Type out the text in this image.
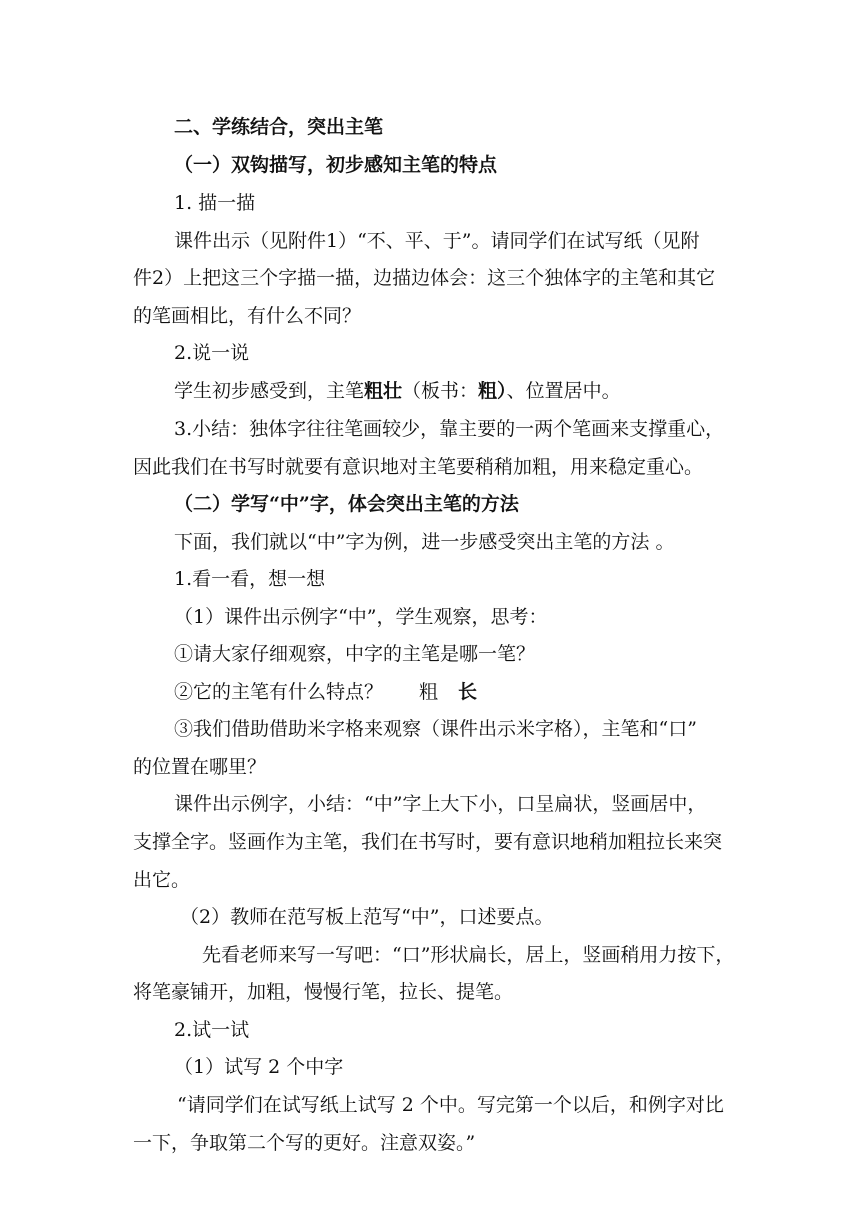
二、学练结合，突出主笔

（一）双钩描写，初步感知主笔的特点

1. 描一描

课件出示（见附件1）“不、平、于”。请同学们在试写纸（见附

件2）上把这三个字描一描，边描边体会：这三个独体字的主笔和其它

的笔画相比，有什么不同？

2.说一说

学生初步感受到，主笔粗壮（板书：粗）、位置居中。

3.小结：独体字往往笔画较少，靠主要的一两个笔画来支撑重心，

因此我们在书写时就要有意识地对主笔要稍稍加粗，用来稳定重心。

（二）学写“中”字，体会突出主笔的方法

下面，我们就以“中”字为例，进一步感受突出主笔的方法 。

1.看一看，想一想

（1）课件出示例字“中”，学生观察，思考：

①请大家仔细观察，中字的主笔是哪一笔？

②它的主笔有什么特点？ 粗 长

③我们借助借助米字格来观察（课件出示米字格），主笔和“口”

的位置在哪里？

课件出示例字，小结：“中”字上大下小，口呈扁状，竖画居中，

支撑全字。竖画作为主笔，我们在书写时，要有意识地稍加粗拉长来突

出它。

（2）教师在范写板上范写“中”，口述要点。

先看老师来写一写吧：“口”形状扁长，居上，竖画稍用力按下，

将笔豪铺开，加粗，慢慢行笔，拉长、提笔。

2.试一试

（1）试写 2 个中字

“请同学们在试写纸上试写 2 个中。写完第一个以后，和例字对比

一下，争取第二个写的更好。注意双姿。”
